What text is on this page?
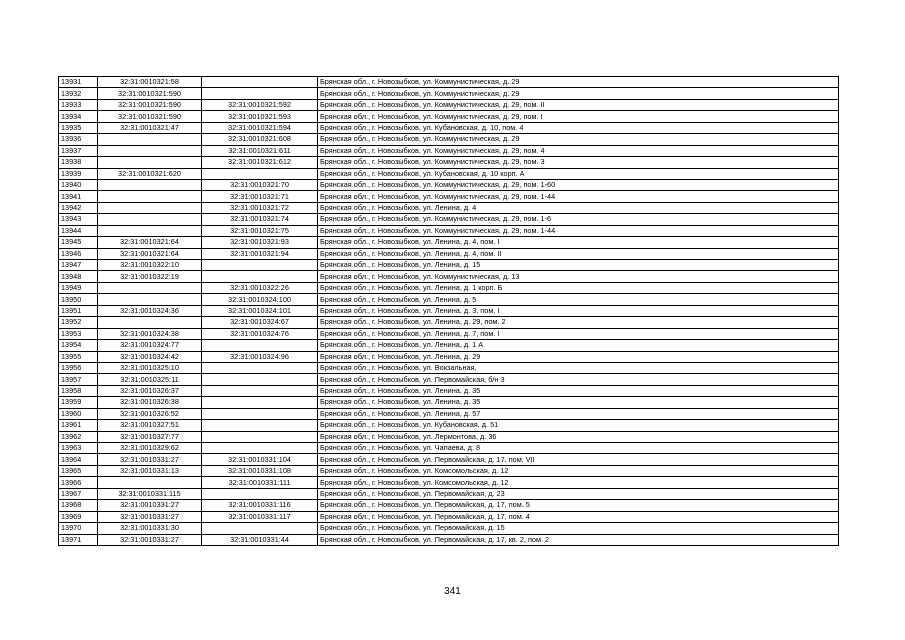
13931	32:31:0010321:58		Брянская обл., г. Новозыбков, ул. Коммунистическая, д. 29
13932	32:31:0010321:590		Брянская обл., г. Новозыбков, ул. Коммунистическая, д. 29
13933	32:31:0010321:590	32:31:0010321:592	Брянская обл., г. Новозыбков, ул. Коммунистическая, д. 29, пом. II
13934	32:31:0010321:590	32:31:0010321:593	Брянская обл., г. Новозыбков, ул. Коммунистическая, д. 29, пом. I
13935	32:31:0010321:47	32:31:0010321:594	Брянская обл., г. Новозыбков, ул. Кубановская, д. 10, пом. 4
13936		32:31:0010321:608	Брянская обл., г. Новозыбков, ул. Коммунистическая, д. 29
13937		32:31:0010321:611	Брянская обл., г. Новозыбков, ул. Коммунистическая, д. 29, пом. 4
13938		32:31:0010321:612	Брянская обл., г. Новозыбков, ул. Коммунистическая, д. 29, пом. 3
13939	32:31:0010321:620		Брянская обл., г. Новозыбков, ул. Кубановская, д. 10 корп. А
13940		32:31:0010321:70	Брянская обл., г. Новозыбков, ул. Коммунистическая, д. 29, пом. 1-60
13941		32:31:0010321:71	Брянская обл., г. Новозыбков, ул. Коммунистическая, д. 29, пом. 1-44
13942		32:31:0010321:72	Брянская обл., г. Новозыбков, ул. Ленина, д. 4
13943		32:31:0010321:74	Брянская обл., г. Новозыбков, ул. Коммунистическая, д. 29, пом. 1-6
13944		32:31:0010321:75	Брянская обл., г. Новозыбков, ул. Коммунистическая, д. 29, пом. 1-44
13945	32:31:0010321:64	32:31:0010321:93	Брянская обл., г. Новозыбков, ул. Ленина, д. 4, пом. I
13946	32:31:0010321:64	32:31:0010321:94	Брянская обл., г. Новозыбков, ул. Ленина, д. 4, пом. II
13947	32:31:0010322:10		Брянская обл., г. Новозыбков, ул. Ленина, д. 15
13948	32:31:0010322:19		Брянская обл., г. Новозыбков, ул. Коммунистическая, д. 13
13949		32:31:0010322:26	Брянская обл., г. Новозыбков, ул. Ленина, д. 1 корп. Б
13950		32:31:0010324:100	Брянская обл., г. Новозыбков, ул. Ленина, д. 5
13951	32:31:0010324:36	32:31:0010324:101	Брянская обл., г. Новозыбков, ул. Ленина, д. 3, пом. I
13952		32:31:0010324:67	Брянская обл., г. Новозыбков, ул. Ленина, д. 29, пом. 2
13953	32:31:0010324:38	32:31:0010324:76	Брянская обл., г. Новозыбков, ул. Ленина, д. 7, пом. I
13954	32:31:0010324:77		Брянская обл., г. Новозыбков, ул. Ленина, д. 1 А
13955	32:31:0010324:42	32:31:0010324:96	Брянская обл., г. Новозыбков, ул. Ленина, д. 29
13956	32:31:0010325:10		Брянская обл., г. Новозыбков, ул. Вокзальная,
13957	32:31:0010325:11		Брянская обл., г. Новозыбков, ул. Первомайская, б/н 3
13958	32:31:0010326:37		Брянская обл., г. Новозыбков, ул. Ленина, д. 35
13959	32:31:0010326:38		Брянская обл., г. Новозыбков, ул. Ленина, д. 35
13960	32:31:0010326:52		Брянская обл., г. Новозыбков, ул. Ленина, д. 57
13961	32:31:0010327:51		Брянская обл., г. Новозыбков, ул. Кубановская, д. 51
13962	32:31:0010327:77		Брянская обл., г. Новозыбков, ул. Лермонтова, д. 36
13963	32:31:0010329:62		Брянская обл., г. Новозыбков, ул. Чапаева, д. 8
13964	32:31:0010331:27	32:31:0010331:104	Брянская обл., г. Новозыбков, ул. Первомайская, д. 17, пом. VII
13965	32:31:0010331:13	32:31:0010331:108	Брянская обл., г. Новозыбков, ул. Комсомольская, д. 12
13966		32:31:0010331:111	Брянская обл., г. Новозыбков, ул. Комсомольская, д. 12
13967	32:31:0010331:115		Брянская обл., г. Новозыбков, ул. Первомайская, д. 23
13968	32:31:0010331:27	32:31:0010331:116	Брянская обл., г. Новозыбков, ул. Первомайская, д. 17, пом. 5
13969	32:31:0010331:27	32:31:0010331:117	Брянская обл., г. Новозыбков, ул. Первомайская, д. 17, пом. 4
13970	32:31:0010331:30		Брянская обл., г. Новозыбков, ул. Первомайская, д. 15
13971	32:31:0010331:27	32:31:0010331:44	Брянская обл., г. Новозыбков, ул. Первомайская, д. 17, кв. 2, пом. 2
341
